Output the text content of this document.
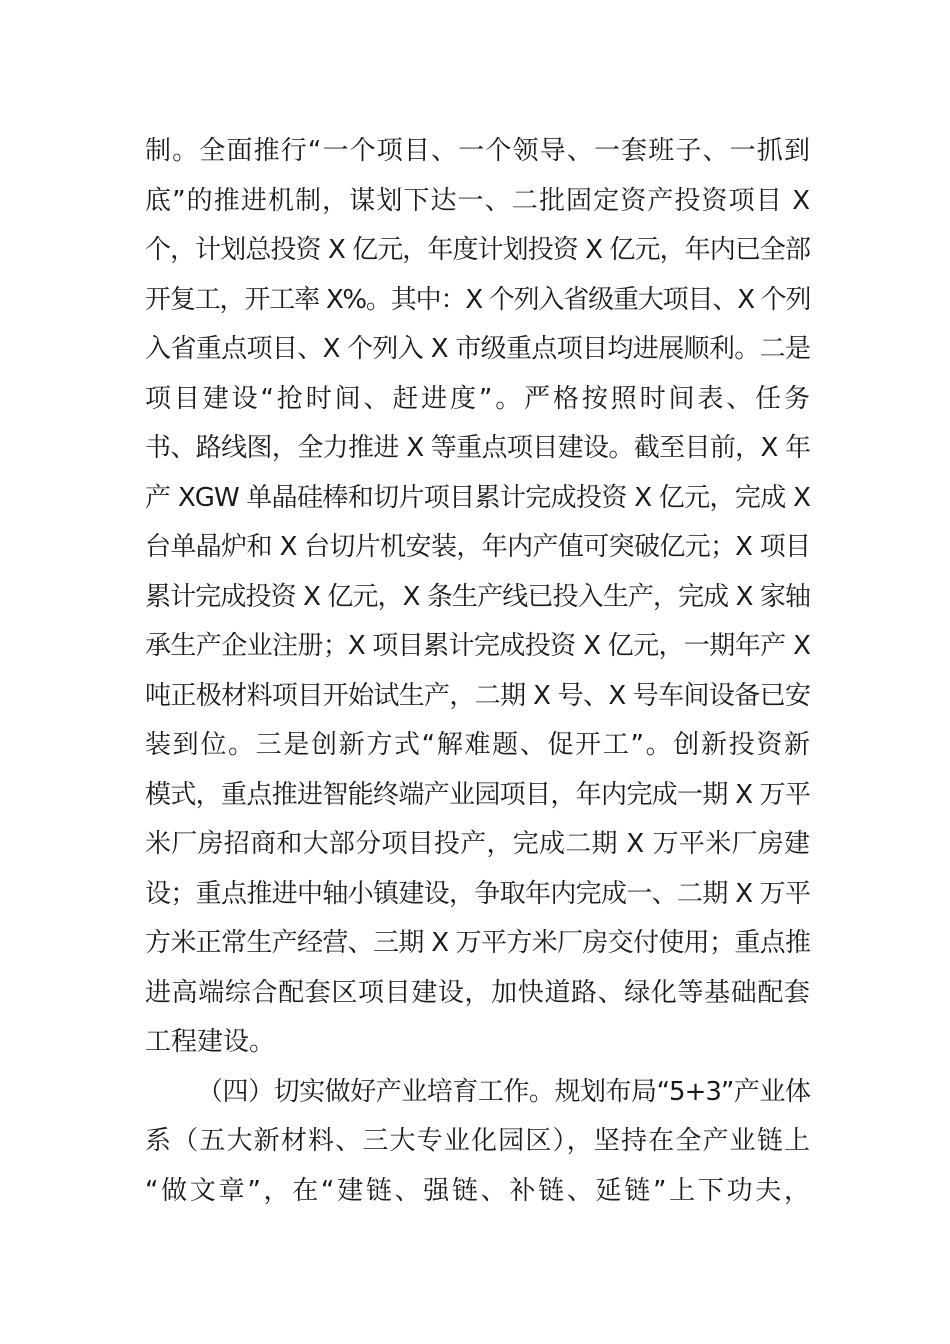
制。全面推行“一个项目、一个领导、一套班子、一抓到
底”的推进机制，谋划下达一、二批固定资产投资项目 X
个，计划总投资 X 亿元，年度计划投资 X 亿元，年内已全部
开复工，开工率 X%。其中：X 个列入省级重大项目、X 个列
入省重点项目、X 个列入 X 市级重点项目均进展顺利。二是
项目建设“抢时间、赶进度”。严格按照时间表、任务
书、路线图，全力推进 X 等重点项目建设。截至目前，X 年
产 XGW 单晶硅棒和切片项目累计完成投资 X 亿元，完成 X
台单晶炉和 X 台切片机安装，年内产值可突破亿元；X 项目
累计完成投资 X 亿元，X 条生产线已投入生产，完成 X 家轴
承生产企业注册；X 项目累计完成投资 X 亿元，一期年产 X
吨正极材料项目开始试生产，二期 X 号、X 号车间设备已安
装到位。三是创新方式“解难题、促开工”。创新投资新
模式，重点推进智能终端产业园项目，年内完成一期 X 万平
米厂房招商和大部分项目投产，完成二期 X 万平米厂房建
设；重点推进中轴小镇建设，争取年内完成一、二期 X 万平
方米正常生产经营、三期 X 万平方米厂房交付使用；重点推
进高端综合配套区项目建设，加快道路、绿化等基础配套
工程建设。
（四）切实做好产业培育工作。规划布局“5+3”产业体
系（五大新材料、三大专业化园区），坚持在全产业链上
“做文章”，在“建链、强链、补链、延链”上下功夫，
